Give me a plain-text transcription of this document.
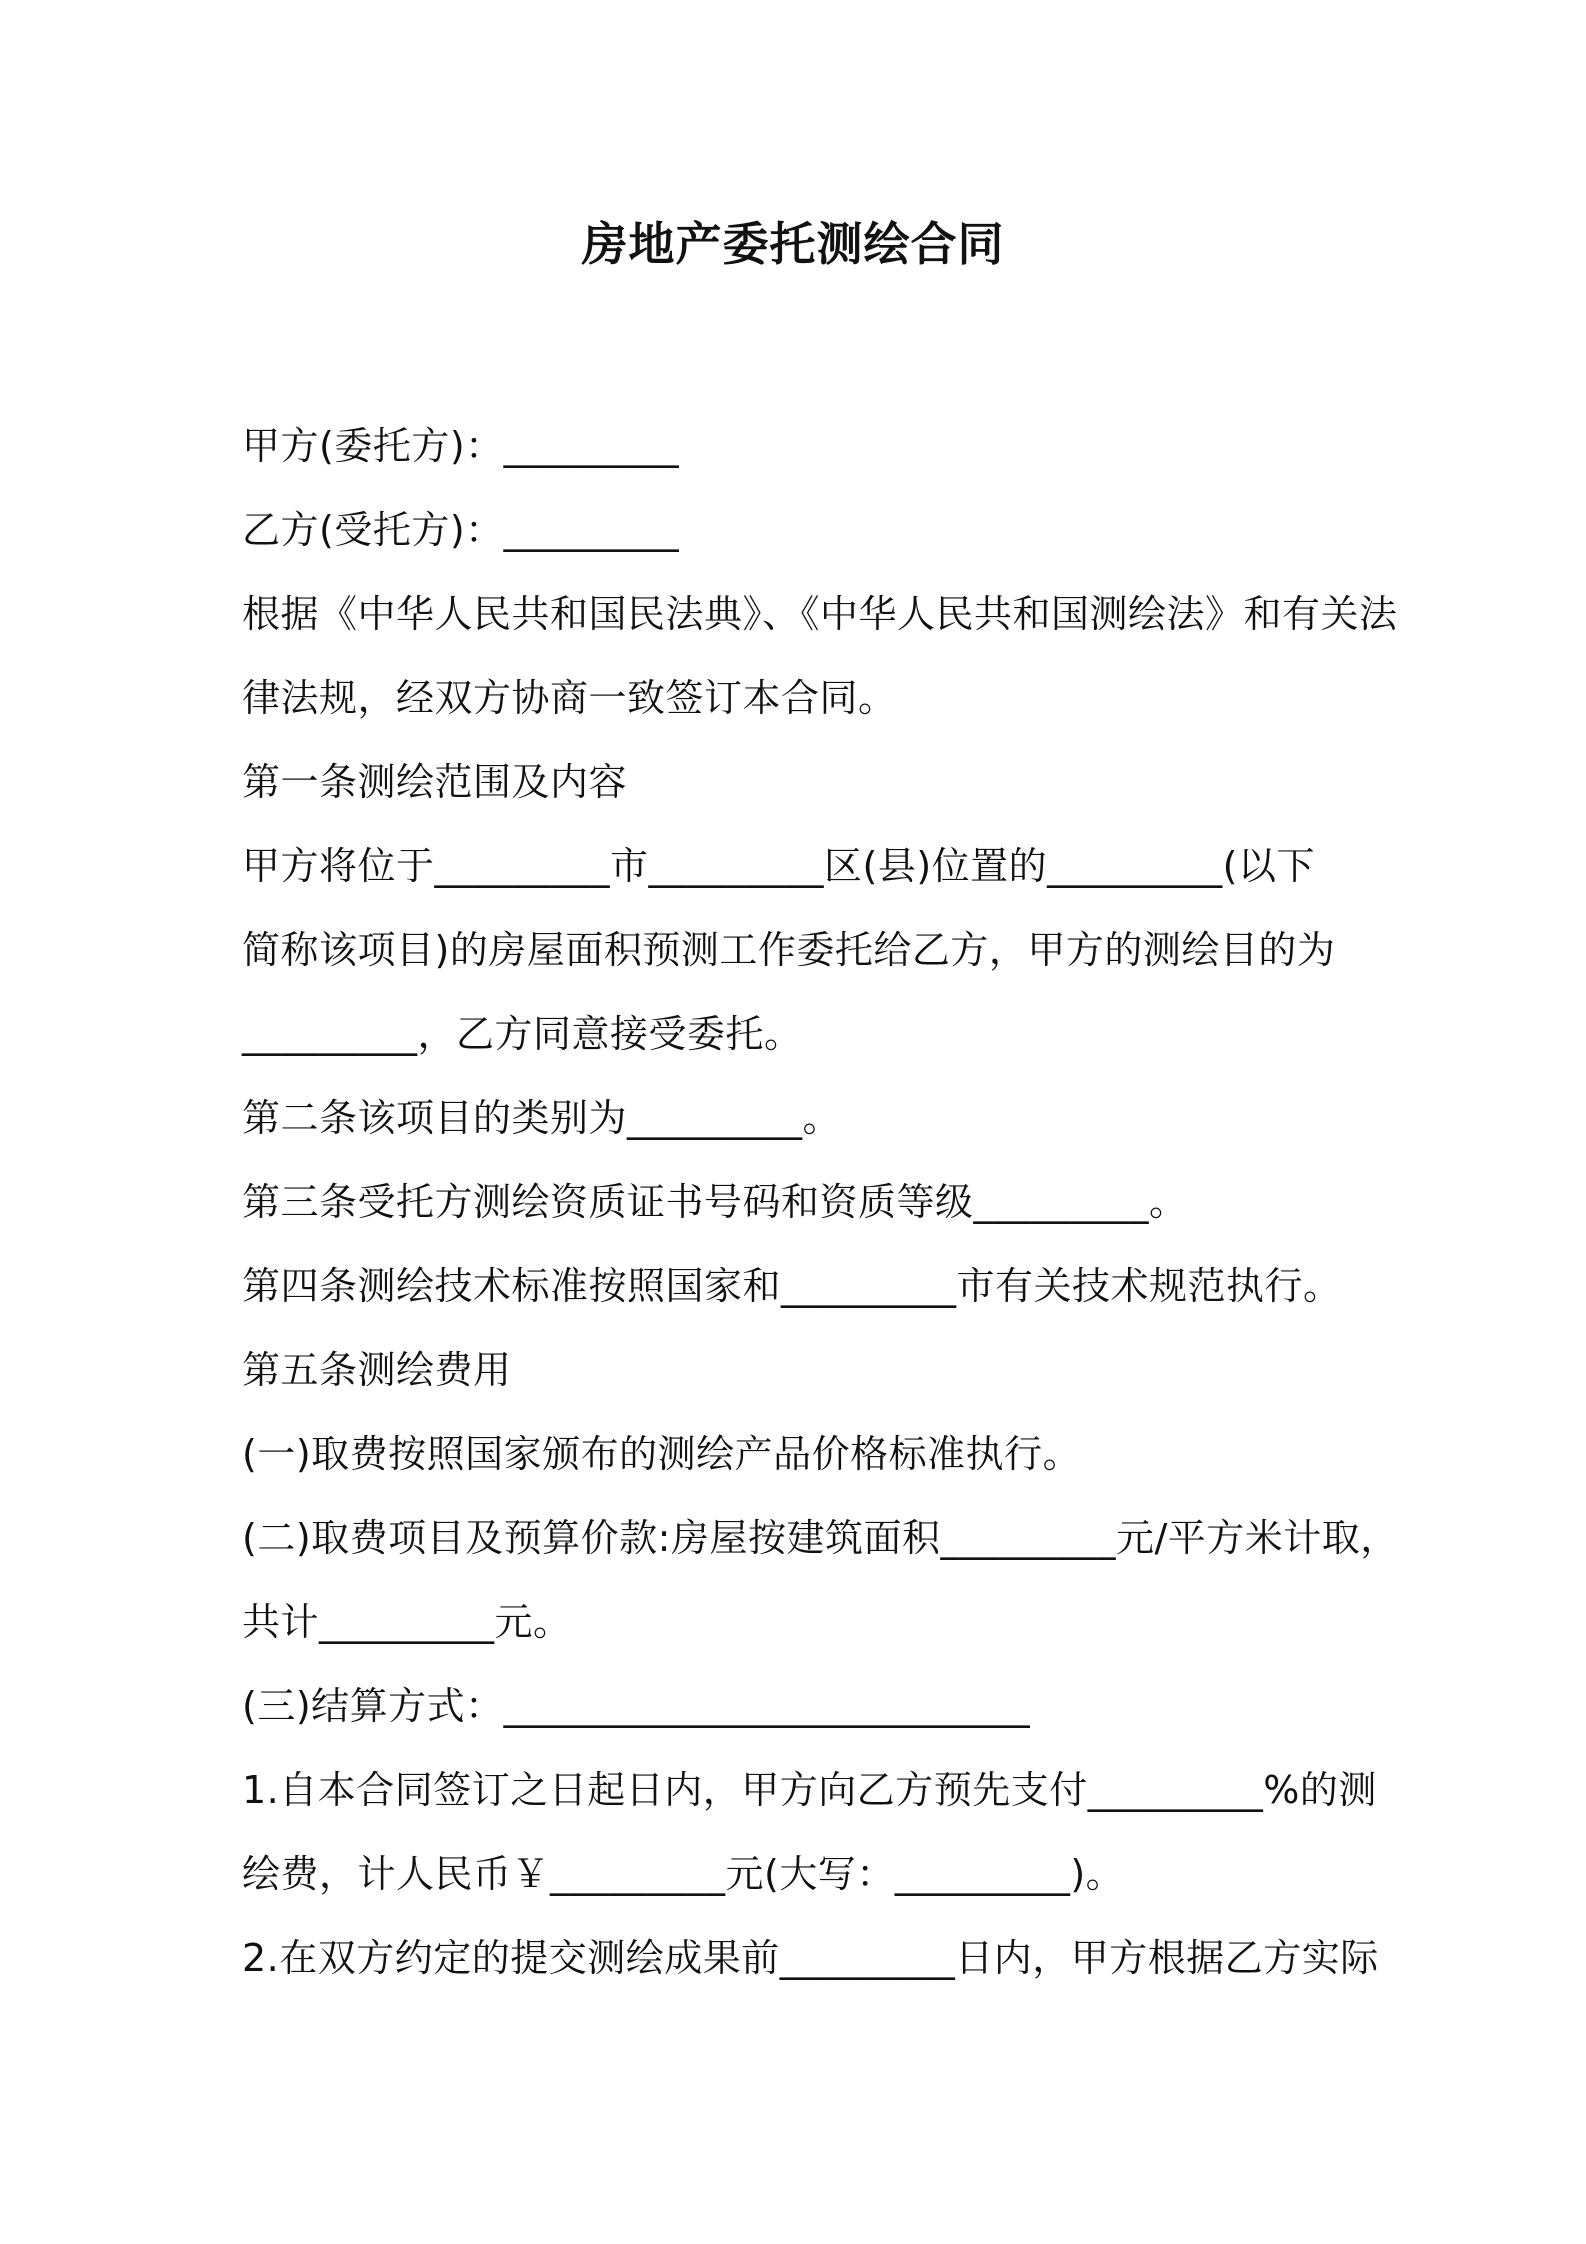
房地产委托测绘合同
甲方(委托方)：_________
乙方(受托方)：_________
根据《中华人民共和国民法典》、《中华人民共和国测绘法》和有关法
律法规，经双方协商一致签订本合同。
第一条测绘范围及内容
甲方将位于_________市_________区(县)位置的_________(以下
简称该项目)的房屋面积预测工作委托给乙方，甲方的测绘目的为
_________，乙方同意接受委托。
第二条该项目的类别为_________。
第三条受托方测绘资质证书号码和资质等级_________。
第四条测绘技术标准按照国家和_________市有关技术规范执行。
第五条测绘费用
(一)取费按照国家颁布的测绘产品价格标准执行。
(二)取费项目及预算价款:房屋按建筑面积_________元/平方米计取，
共计_________元。
(三)结算方式：___________________________
1.自本合同签订之日起日内，甲方向乙方预先支付_________%的测
绘费，计人民币￥_________元(大写：_________)。
2.在双方约定的提交测绘成果前_________日内，甲方根据乙方实际
